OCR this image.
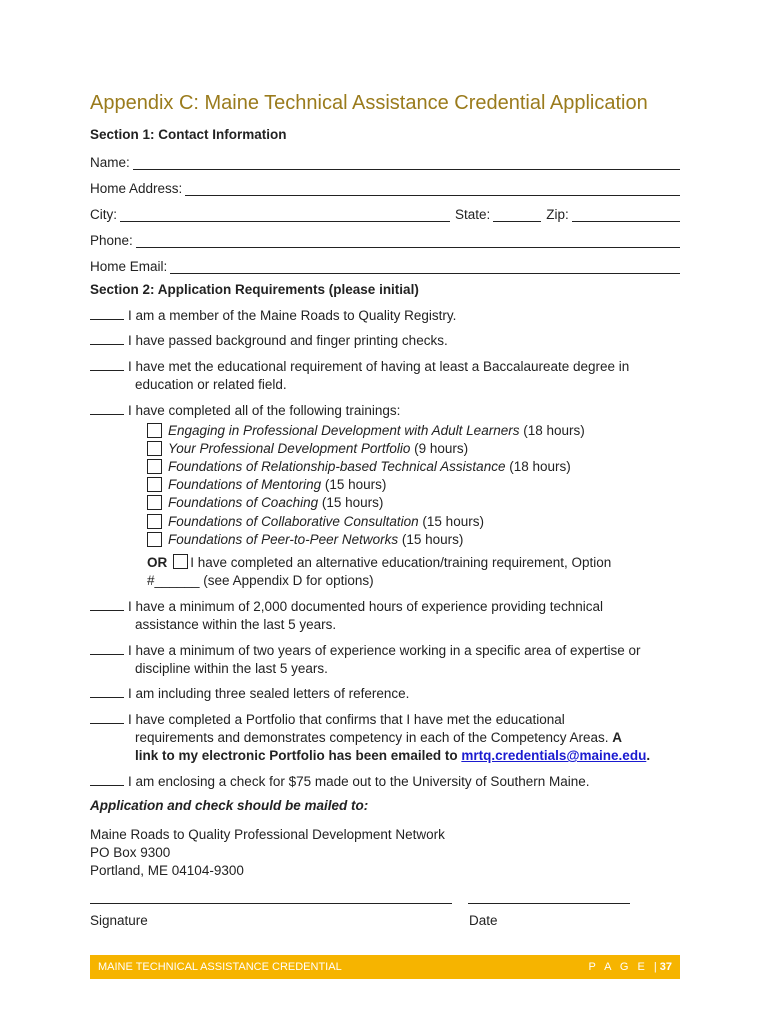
Appendix C: Maine Technical Assistance Credential Application
Section 1: Contact Information
Name:
Home Address:
City:	State:	Zip:
Phone:
Home Email:
Section 2: Application Requirements (please initial)
I am a member of the Maine Roads to Quality Registry.
I have passed background and finger printing checks.
I have met the educational requirement of having at least a Baccalaureate degree in
education or related field.
I have completed all of the following trainings:
Engaging in Professional Development with Adult Learners
(18 hours)
Your Professional Development Portfolio
(9 hours)
Foundations of Relationship-based Technical Assistance
(18 hours)
Foundations of Mentoring
(15 hours)
Foundations of Coaching
(15 hours)
Foundations of Collaborative Consultation
(15 hours)
Foundations of Peer-to-Peer Networks
(15 hours)
OR I have completed an alternative education/training requirement, Option
#______ (see Appendix D for options)
I have a minimum of 2,000 documented hours of experience providing technical
assistance within the last 5 years.
I have a minimum of two years of experience working in a specific area of expertise or
discipline within the last 5 years.
I am including three sealed letters of reference.
I have completed a Portfolio that confirms that I have met the educational
requirements and demonstrates competency in each of the Competency Areas. A
link to my electronic Portfolio has been emailed to mrtq.credentials@maine.edu.
I am enclosing a check for $75 made out to the University of Southern Maine.
Application and check should be mailed to:
Maine Roads to Quality Professional Development Network
PO Box 9300
Portland, ME 04104-9300
Signature	Date
MAINE TECHNICAL ASSISTANCE CREDENTIAL	P A G E |37
